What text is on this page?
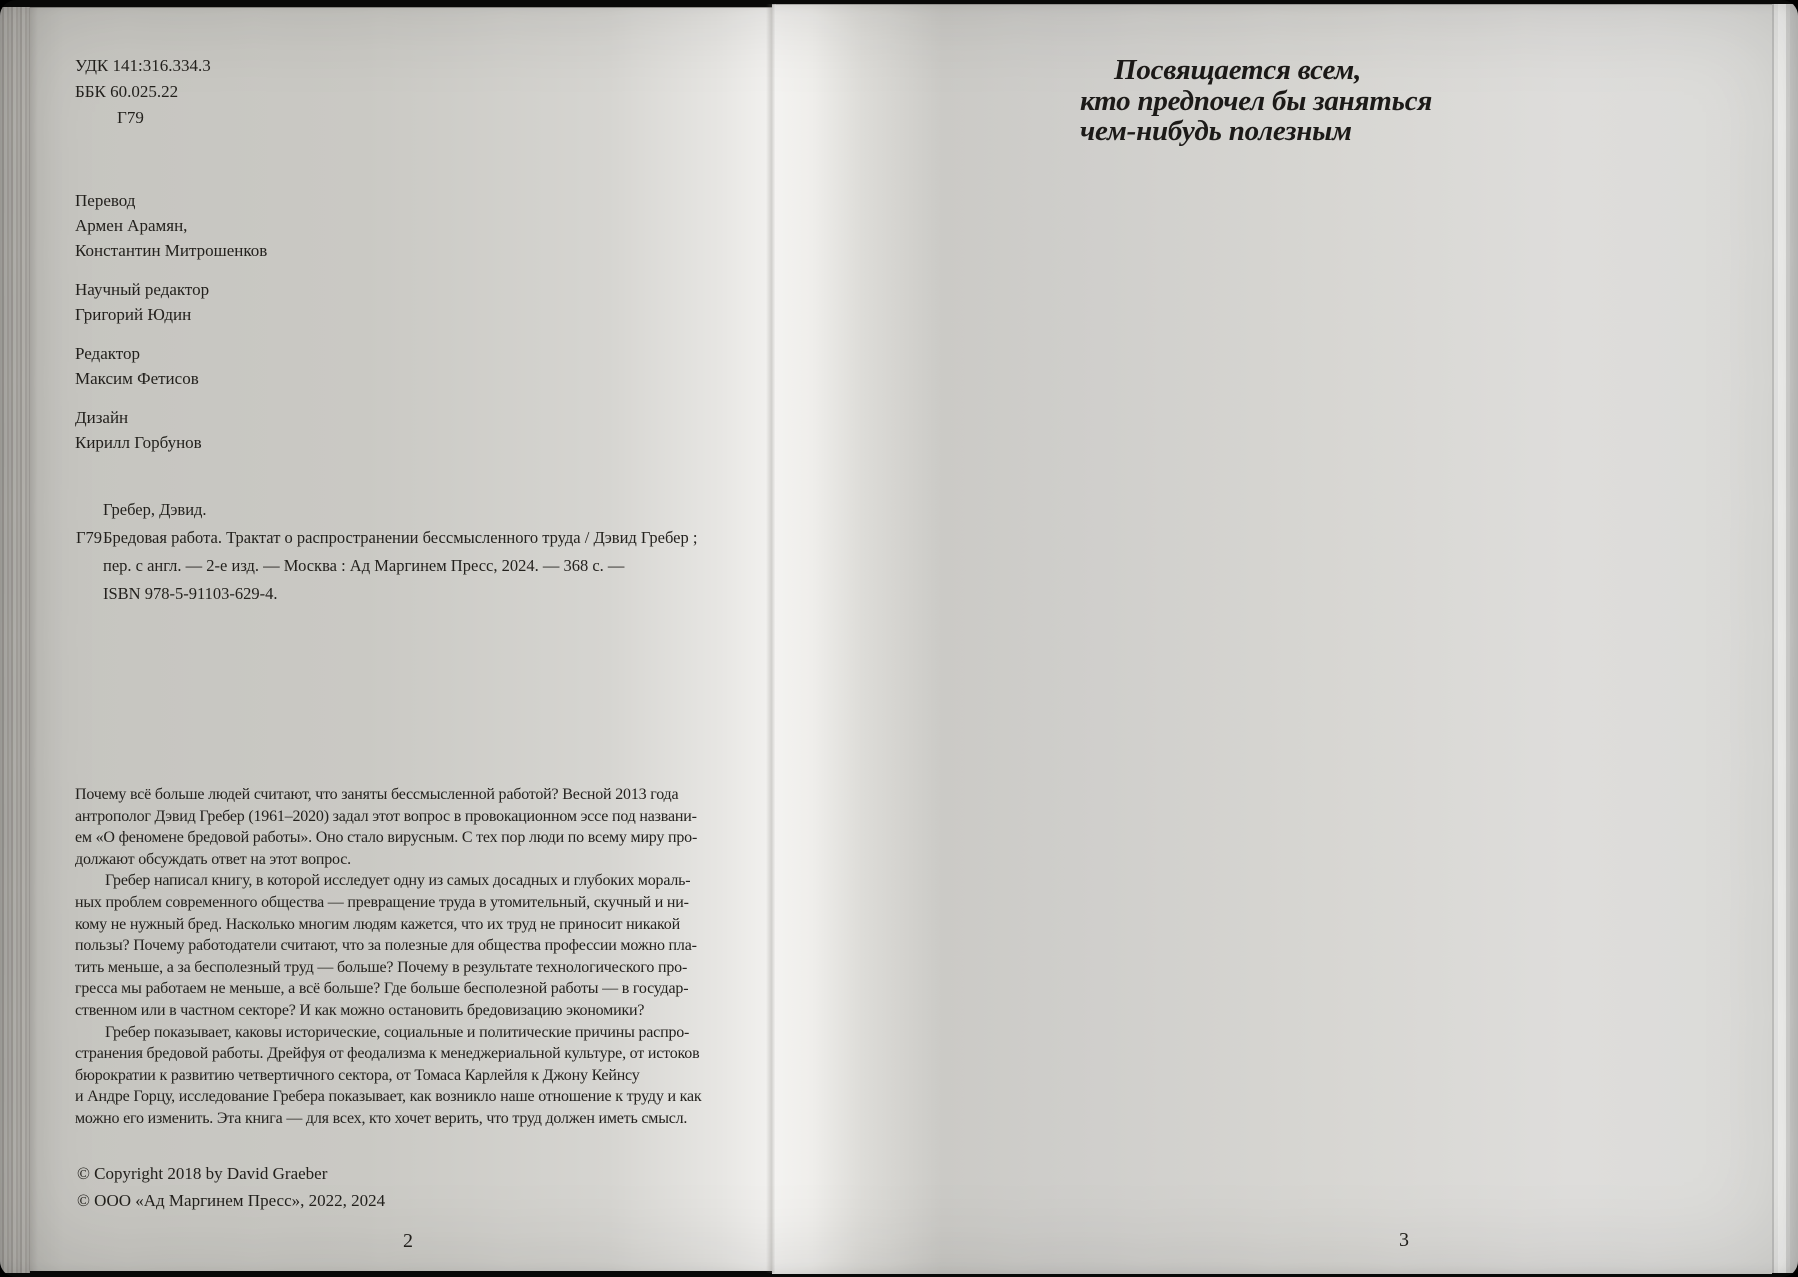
УДК 141:316.334.3
ББК 60.025.22
Г79
Перевод
Армен Арамян,
Константин Митрошенков
Научный редактор
Григорий Юдин
Редактор
Максим Фетисов
Дизайн
Кирилл Горбунов
Г79
Гребер, Дэвид.
Бредовая работа. Трактат о распространении бессмысленного труда / Дэвид Гребер ;
пер. с англ. — 2-е изд. — Москва : Ад Маргинем Пресс, 2024. — 368 с. —
ISBN 978-5-91103-629-4.
Почему всё больше людей считают, что заняты бессмысленной работой? Весной 2013 года
антрополог Дэвид Гребер (1961–2020) задал этот вопрос в провокационном эссе под названи-
ем «О феномене бредовой работы». Оно стало вирусным. С тех пор люди по всему миру про-
должают обсуждать ответ на этот вопрос.
Гребер написал книгу, в которой исследует одну из самых досадных и глубоких мораль-
ных проблем современного общества — превращение труда в утомительный, скучный и ни-
кому не нужный бред. Насколько многим людям кажется, что их труд не приносит никакой
пользы? Почему работодатели считают, что за полезные для общества профессии можно пла-
тить меньше, а за бесполезный труд — больше? Почему в результате технологического про-
гресса мы работаем не меньше, а всё больше? Где больше бесполезной работы — в государ-
ственном или в частном секторе? И как можно остановить бредовизацию экономики?
Гребер показывает, каковы исторические, социальные и политические причины распро-
странения бредовой работы. Дрейфуя от феодализма к менеджериальной культуре, от истоков
бюрократии к развитию четвертичного сектора, от Томаса Карлейля к Джону Кейнсу
и Андре Горцу, исследование Гребера показывает, как возникло наше отношение к труду и как
можно его изменить. Эта книга — для всех, кто хочет верить, что труд должен иметь смысл.
© Copyright 2018 by David Graeber
© ООО «Ад Маргинем Пресс», 2022, 2024
2
Посвящается всем,
кто предпочел бы заняться
чем-нибудь полезным
3
